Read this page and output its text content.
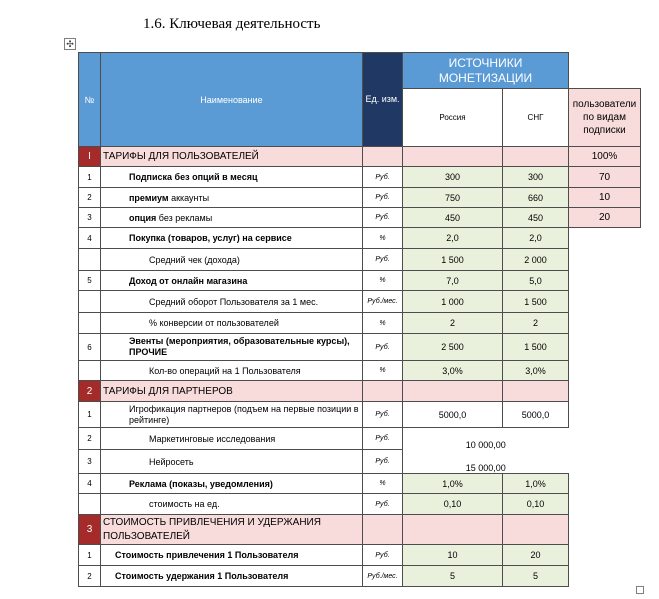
1.6. Ключевая деятельность
✣
№	Наименование	Ед. изм.	ИСТОЧНИКИ МОНЕТИЗАЦИИ		
			Россия	СНГ	пользователи по видам подписки
I	ТАРИФЫ ДЛЯ ПОЛЬЗОВАТЕЛЕЙ				100%
1	Подписка без опций в месяц	Руб.	300	300	70
2	премиум аккаунты	Руб.	750	660	10
3	опция без рекламы	Руб.	450	450	20
4	Покупка (товаров, услуг) на сервисе	%	2,0	2,0	
	Средний чек (дохода)	Руб.	1 500	2 000	
5	Доход от онлайн магазина	%	7,0	5,0	
	Средний оборот Пользователя за 1 мес.	Руб./мес.	1 000	1 500	
	% конверсии от пользователей	%	2	2	
6	Эвенты (мероприятия, образовательные курсы), ПРОЧИЕ	Руб.	2 500	1 500	
	Кол-во операций на 1 Пользователя	%	3,0%	3,0%	
2	ТАРИФЫ ДЛЯ ПАРТНЕРОВ				
1	Игрофикация партнеров (подъем на первые позиции в рейтинге)	Руб.	5000,0	5000,0	
2	Маркетинговые исследования	Руб.	10 000,00		

3	Нейросеть	Руб.	15 000,00		

4	Реклама (показы, уведомления)	%	1,0%	1,0%	
	стоимость на ед.	Руб.	0,10	0,10	
3	СТОИМОСТЬ ПРИВЛЕЧЕНИЯ И УДЕРЖАНИЯ ПОЛЬЗОВАТЕЛЕЙ				
1	Стоимость привлечения 1 Пользователя	Руб.	10	20	
2	Стоимость удержания 1 Пользователя	Руб./мес.	5	5	
